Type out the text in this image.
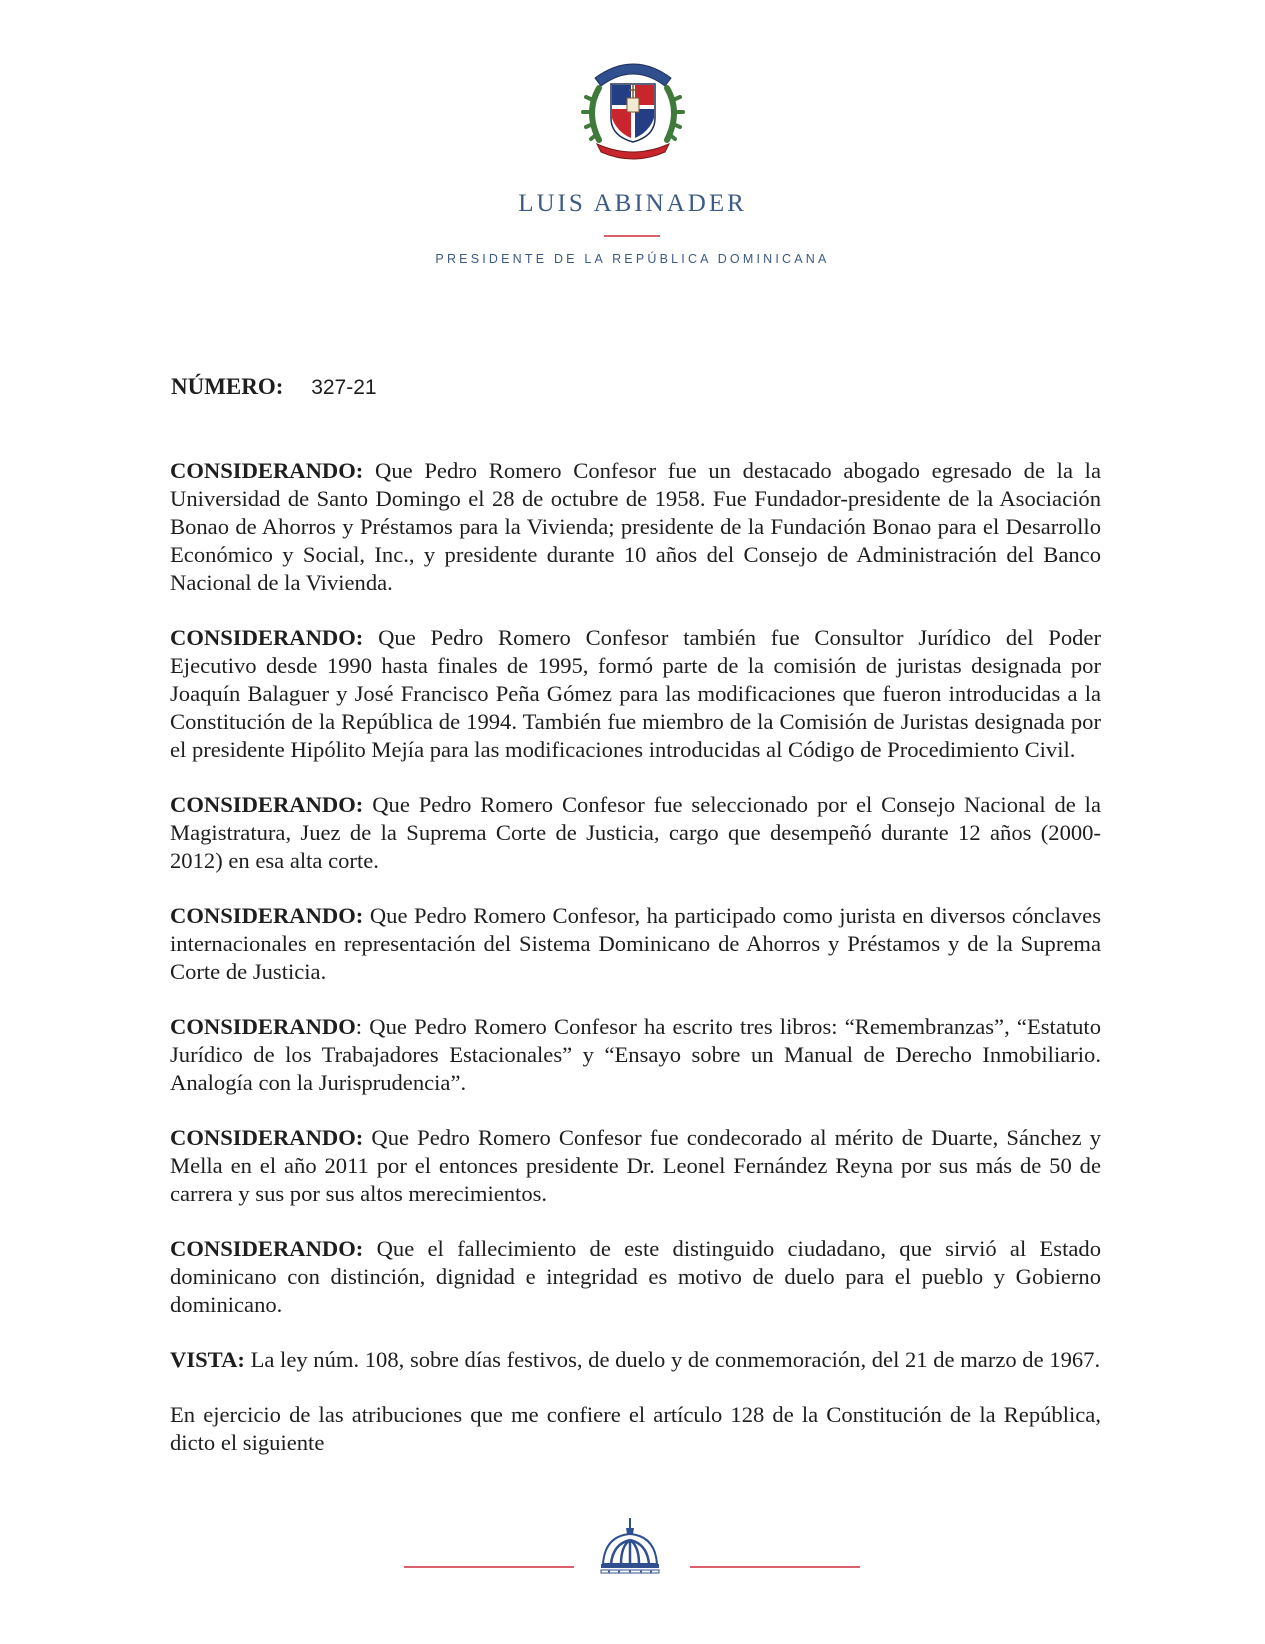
LUIS ABINADER
PRESIDENTE DE LA REPÚBLICA DOMINICANA
NÚMERO: 327-21

CONSIDERANDO: Que Pedro Romero Confesor fue un destacado abogado egresado de la la Universidad de Santo Domingo el 28 de octubre de 1958. Fue Fundador-presidente de la Asociación Bonao de Ahorros y Préstamos para la Vivienda; presidente de la Fundación Bonao para el Desarrollo Económico y Social, Inc., y presidente durante 10 años del Consejo de Administración del Banco Nacional de la Vivienda.

CONSIDERANDO: Que Pedro Romero Confesor también fue Consultor Jurídico del Poder Ejecutivo desde 1990 hasta finales de 1995, formó parte de la comisión de juristas designada por Joaquín Balaguer y José Francisco Peña Gómez para las modificaciones que fueron introducidas a la Constitución de la República de 1994. También fue miembro de la Comisión de Juristas designada por el presidente Hipólito Mejía para las modificaciones introducidas al Código de Procedimiento Civil.

CONSIDERANDO: Que Pedro Romero Confesor fue seleccionado por el Consejo Nacional de la Magistratura, Juez de la Suprema Corte de Justicia, cargo que desempeñó durante 12 años (2000-2012) en esa alta corte.

CONSIDERANDO: Que Pedro Romero Confesor, ha participado como jurista en diversos cónclaves internacionales en representación del Sistema Dominicano de Ahorros y Préstamos y de la Suprema Corte de Justicia.

CONSIDERANDO: Que Pedro Romero Confesor ha escrito tres libros: “Remembranzas”, “Estatuto Jurídico de los Trabajadores Estacionales” y “Ensayo sobre un Manual de Derecho Inmobiliario. Analogía con la Jurisprudencia”.

CONSIDERANDO: Que Pedro Romero Confesor fue condecorado al mérito de Duarte, Sánchez y Mella en el año 2011 por el entonces presidente Dr. Leonel Fernández Reyna por sus más de 50 de carrera y sus por sus altos merecimientos.

CONSIDERANDO: Que el fallecimiento de este distinguido ciudadano, que sirvió al Estado dominicano con distinción, dignidad e integridad es motivo de duelo para el pueblo y Gobierno dominicano.

VISTA: La ley núm. 108, sobre días festivos, de duelo y de conmemoración, del 21 de marzo de 1967.

En ejercicio de las atribuciones que me confiere el artículo 128 de la Constitución de la República, dicto el siguiente
